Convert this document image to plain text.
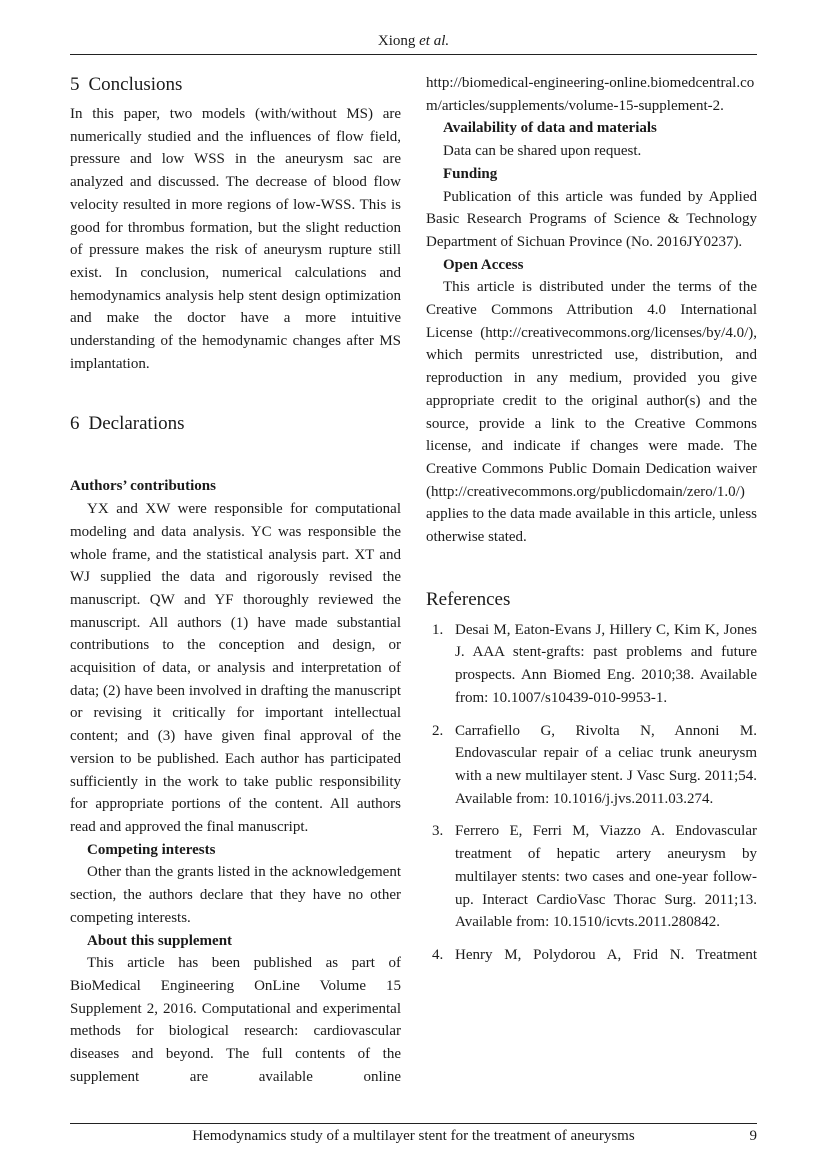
Xiong et al.
5 Conclusions

In this paper, two models (with/without MS) are numerically studied and the influences of flow field, pressure and low WSS in the aneurysm sac are analyzed and discussed. The decrease of blood flow velocity resulted in more regions of low-WSS. This is good for thrombus formation, but the slight reduction of pressure makes the risk of aneurysm rupture still exist. In conclusion, numerical calculations and hemodynamics analysis help stent design optimization and make the doctor have a more intuitive understanding of the hemodynamic changes after MS implantation.

6 Declarations
Authors’ contributions

YX and XW were responsible for computational modeling and data analysis. YC was responsible the whole frame, and the statistical analysis part. XT and WJ supplied the data and rigorously revised the manuscript. QW and YF thoroughly reviewed the manuscript. All authors (1) have made substantial contributions to the conception and design, or acquisition of data, or analysis and interpretation of data; (2) have been involved in drafting the manuscript or revising it critically for important intellectual content; and (3) have given final approval of the version to be published. Each author has participated sufficiently in the work to take public responsibility for appropriate portions of the content. All authors read and approved the final manuscript.

Competing interests

Other than the grants listed in the acknowledgement section, the authors declare that they have no other competing interests.

About this supplement

This article has been published as part of BioMedical Engineering OnLine Volume 15 Supplement 2, 2016. Computational and experimental methods for biological research: cardiovascular diseases and beyond. The full contents of the supplement are available online

http://biomedical-engineering-online.biomedcentral.com/articles/supplements/volume-15-supplement-2.

Availability of data and materials

Data can be shared upon request.

Funding

Publication of this article was funded by Applied Basic Research Programs of Science & Technology Department of Sichuan Province (No. 2016JY0237).

Open Access

This article is distributed under the terms of the Creative Commons Attribution 4.0 International License (http://creativecommons.org/licenses/by/4.0/), which permits unrestricted use, distribution, and reproduction in any medium, provided you give appropriate credit to the original author(s) and the source, provide a link to the Creative Commons license, and indicate if changes were made. The Creative Commons Public Domain Dedication waiver (http://creativecommons.org/publicdomain/zero/1.0/) applies to the data made available in this article, unless otherwise stated.

References
1. Desai M, Eaton-Evans J, Hillery C, Kim K, Jones J. AAA stent-grafts: past problems and future prospects. Ann Biomed Eng. 2010;38. Available from: 10.1007/s10439-010-9953-1.
2. Carrafiello G, Rivolta N, Annoni M. Endovascular repair of a celiac trunk aneurysm with a new multilayer stent. J Vasc Surg. 2011;54. Available from: 10.1016/j.jvs.2011.03.274.
3. Ferrero E, Ferri M, Viazzo A. Endovascular treatment of hepatic artery aneurysm by multilayer stents: two cases and one-year follow-up. Interact CardioVasc Thorac Surg. 2011;13. Available from: 10.1510/icvts.2011.280842.
4. Henry M, Polydorou A, Frid N. Treatment
Hemodynamics study of a multilayer stent for the treatment of aneurysms	9
